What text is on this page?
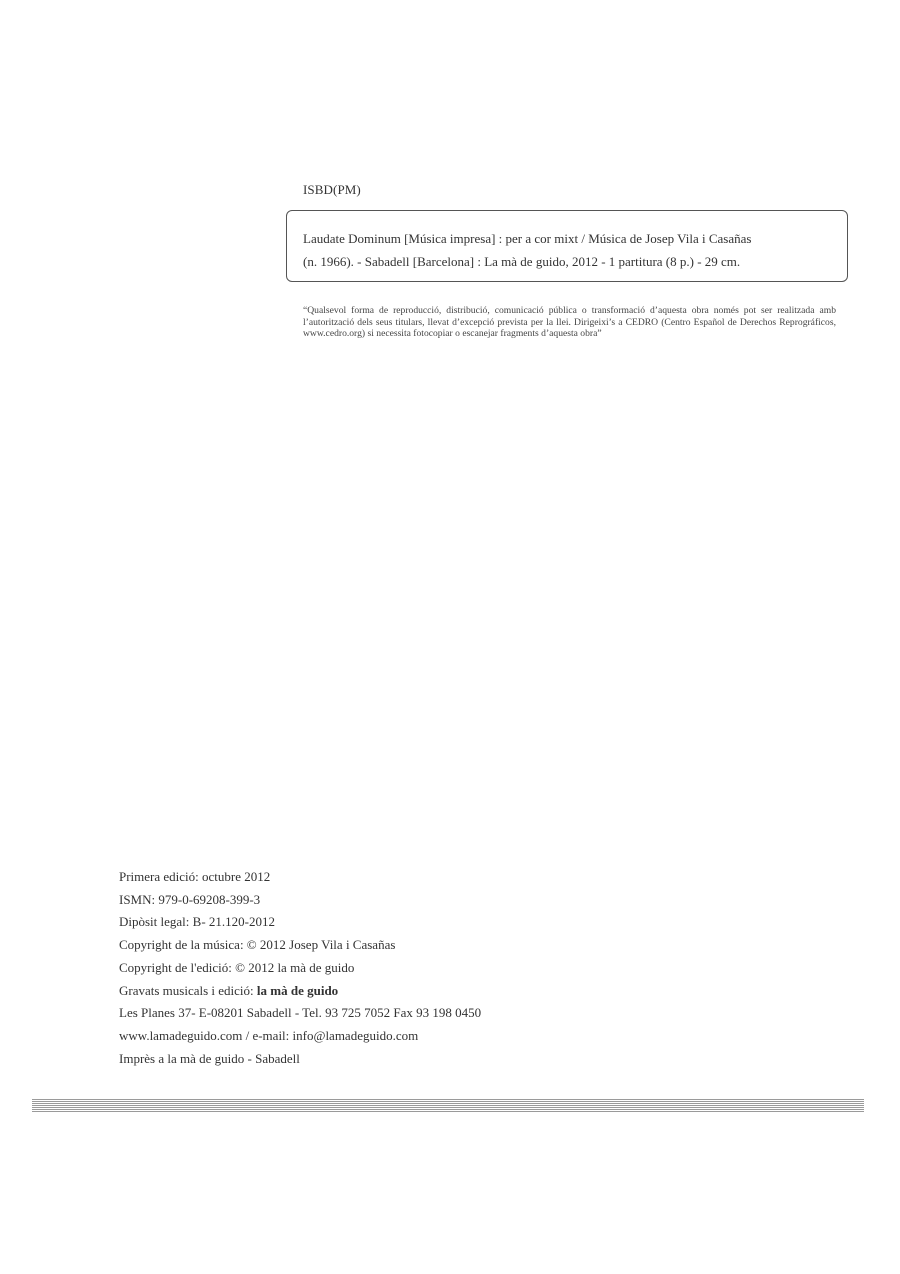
ISBD(PM)
Laudate Dominum [Música impresa] : per a cor mixt / Música de Josep Vila i Casañas
(n. 1966). - Sabadell [Barcelona] : La mà de guido, 2012 - 1 partitura (8 p.) - 29 cm.
“Qualsevol forma de reproducció, distribució, comunicació pública o transformació d’aquesta obra només pot ser realitzada amb l’autorització dels seus titulars, llevat d’excepció prevista per la llei. Dirigeixi’s a CEDRO (Centro Español de Derechos Reprográficos, www.cedro.org) si necessita fotocopiar o escanejar fragments d’aquesta obra”
Primera edició: octubre 2012
ISMN: 979-0-69208-399-3
Dipòsit legal: B- 21.120-2012
Copyright de la música: © 2012 Josep Vila i Casañas
Copyright de l'edició: © 2012 la mà de guido
Gravats musicals i edició: la mà de guido
Les Planes 37- E-08201 Sabadell - Tel. 93 725 7052 Fax 93 198 0450
www.lamadeguido.com / e-mail: info@lamadeguido.com
Imprès a la mà de guido - Sabadell
